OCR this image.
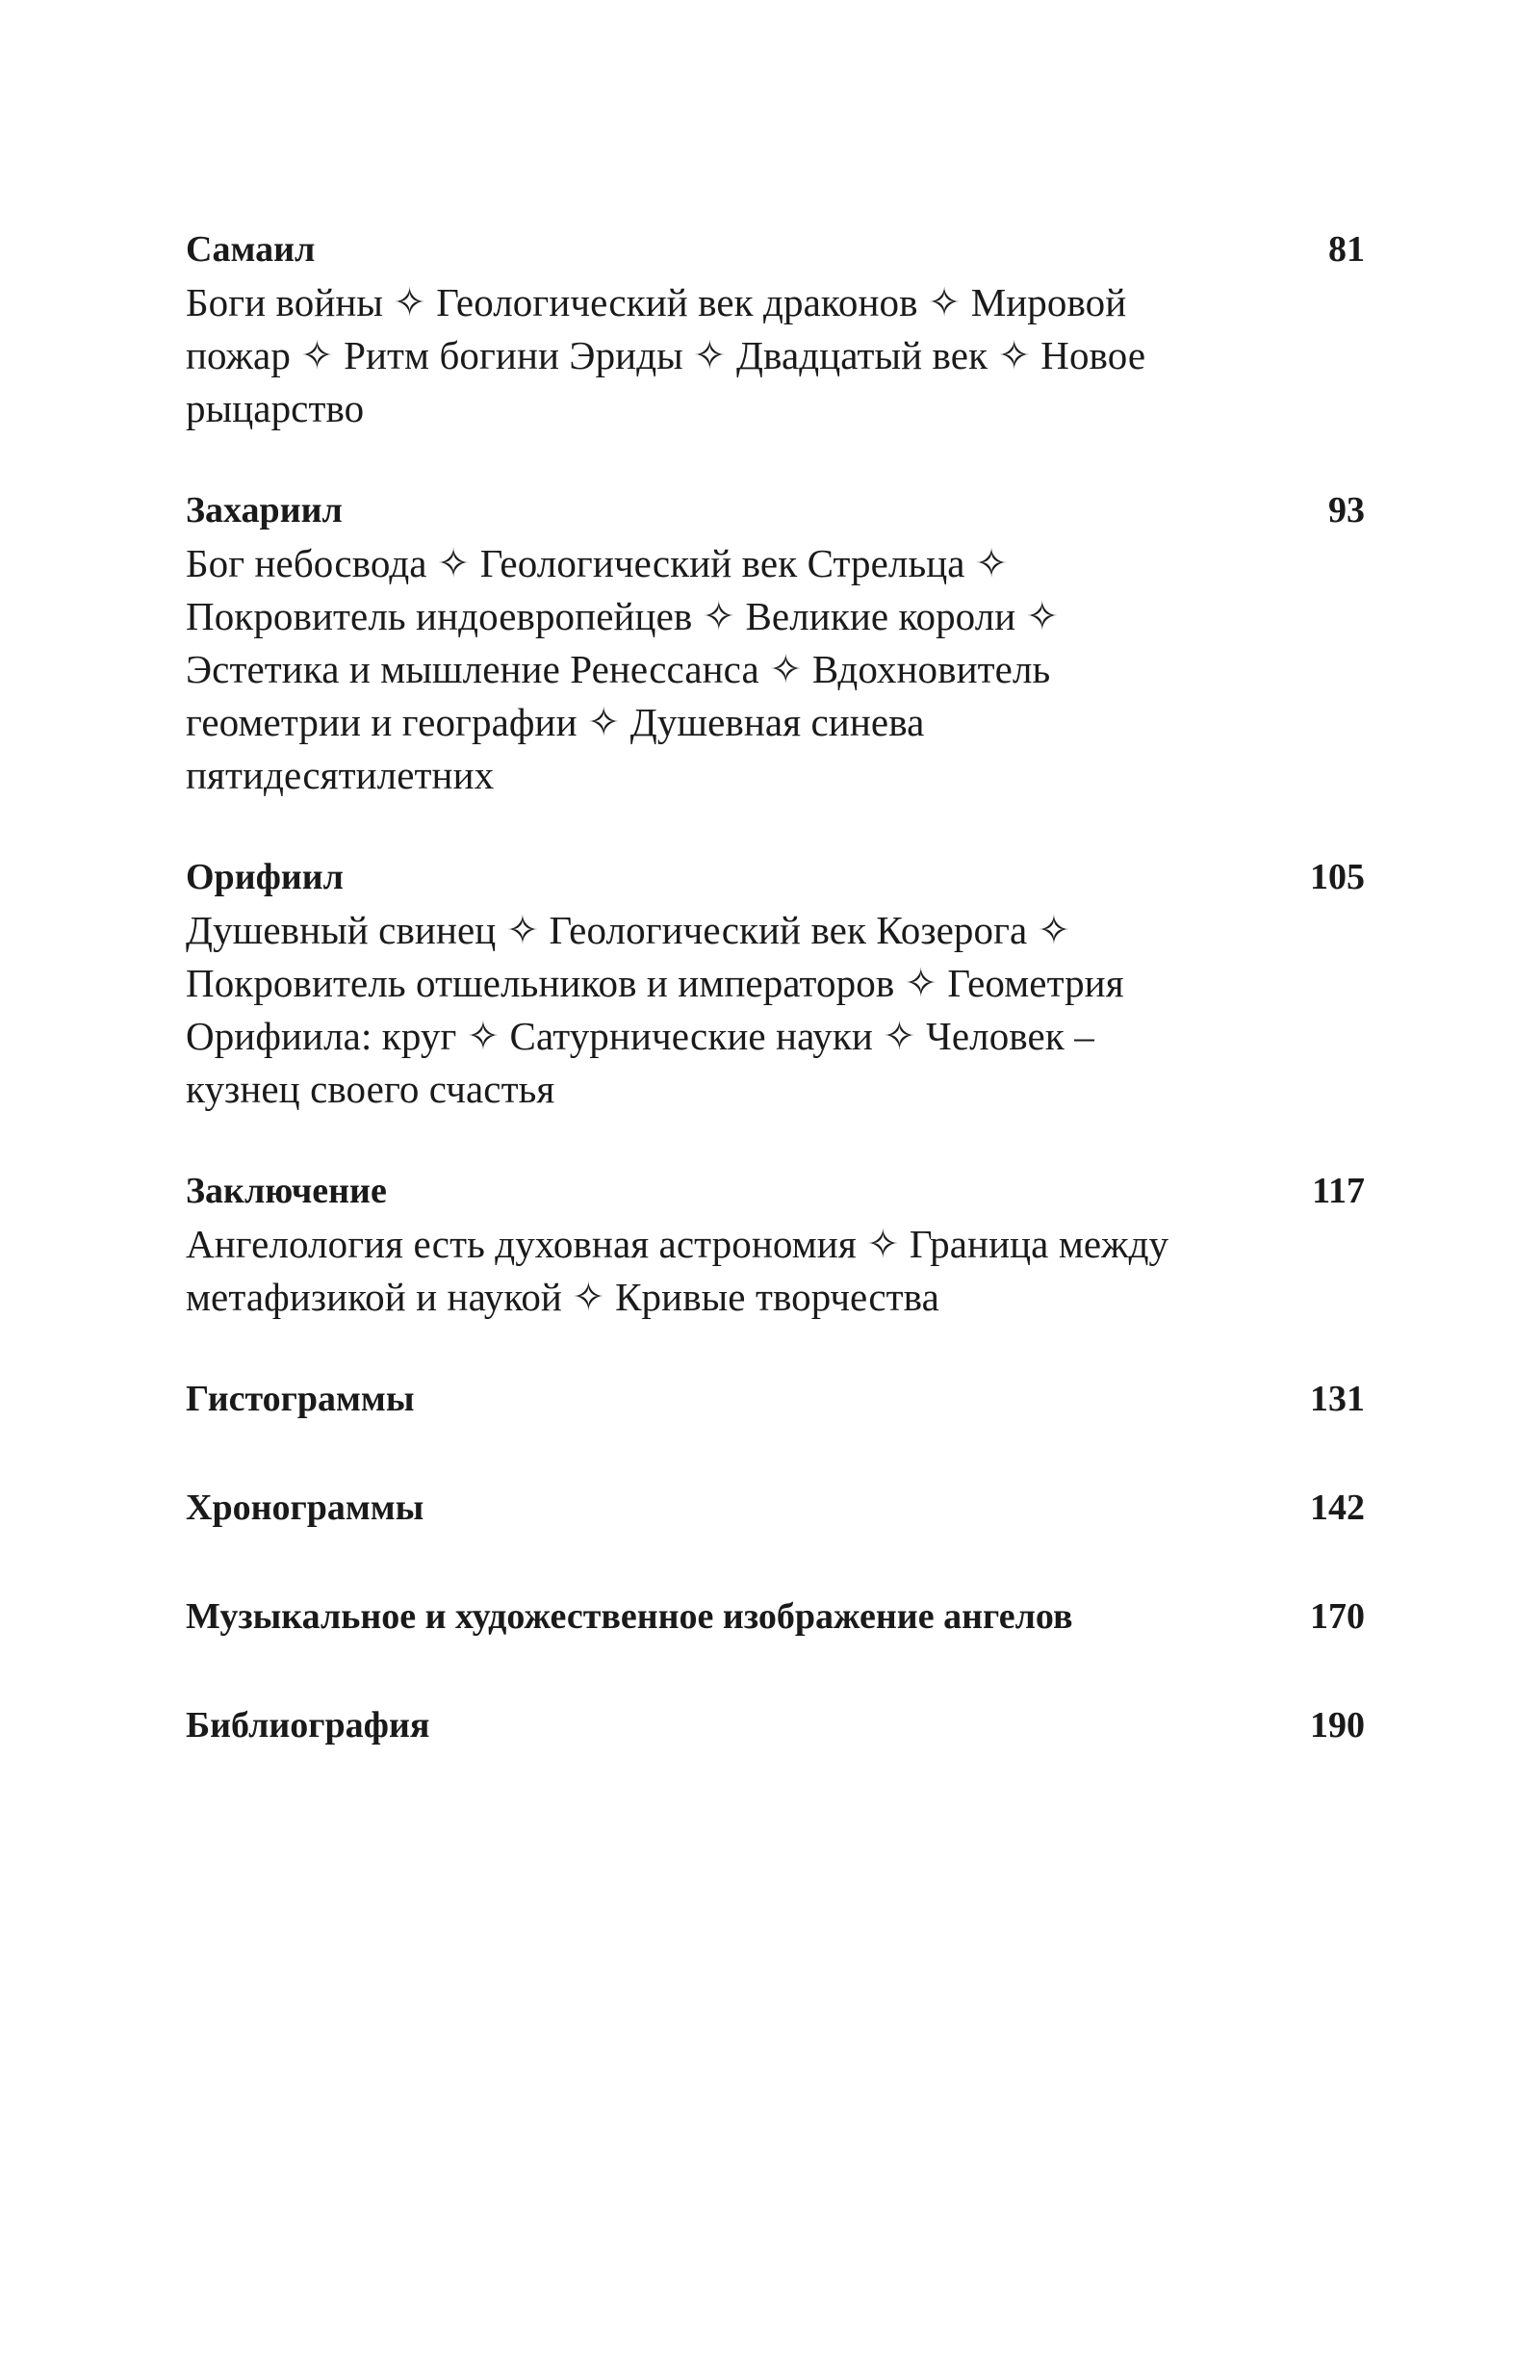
Самаил	81
Боги войны ✧ Геологический век драконов ✧ Мировой
пожар ✧ Ритм богини Эриды ✧ Двадцатый век ✧ Новое
рыцарство
Захариил	93
Бог небосвода ✧ Геологический век Стрельца ✧
Покровитель индоевропейцев ✧ Великие короли ✧
Эстетика и мышление Ренессанса ✧ Вдохновитель
геометрии и географии ✧ Душевная синева
пятидесятилетних
Орифиил	105
Душевный свинец ✧ Геологический век Козерога ✧
Покровитель отшельников и императоров ✧ Геометрия
Орифиила: круг ✧ Сатурнические науки ✧ Человек –
кузнец своего счастья
Заключение	117
Ангелология есть духовная астрономия ✧ Граница между
метафизикой и наукой ✧ Кривые творчества
Гистограммы	131
Хронограммы	142
Музыкальное и художественное изображение ангелов	170
Библиография	190
